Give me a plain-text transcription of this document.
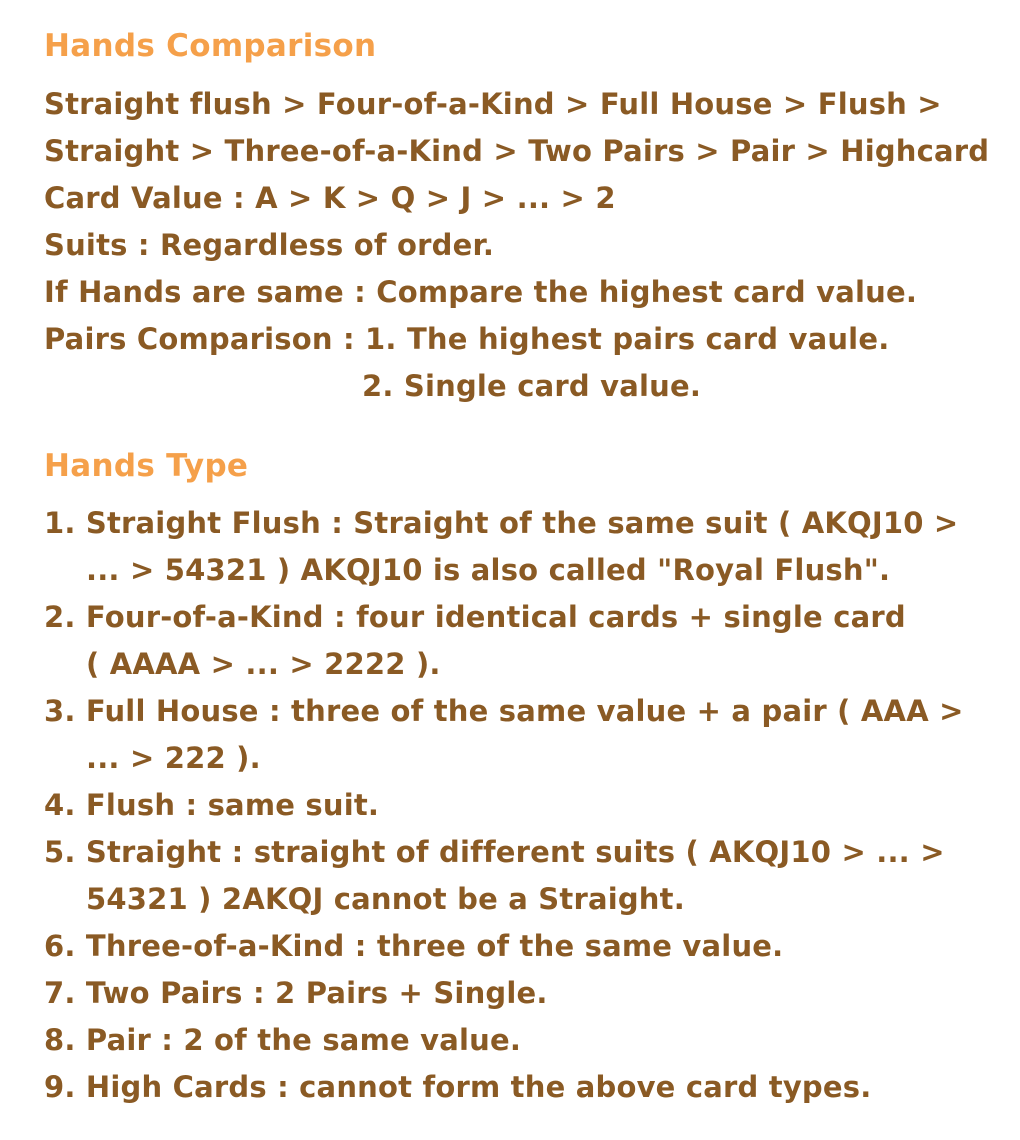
Hands Comparison

Straight flush > Four-of-a-Kind > Full House > Flush >

Straight > Three-of-a-Kind > Two Pairs > Pair > Highcard

Card Value : A > K > Q > J > ... > 2

Suits : Regardless of order.

If Hands are same : Compare the highest card value.

Pairs Comparison : 1. The highest pairs card vaule.

2. Single card value.

Hands Type

1. Straight Flush : Straight of the same suit ( AKQJ10 >

... > 54321 ) AKQJ10 is also called "Royal Flush".

2. Four-of-a-Kind : four identical cards + single card

( AAAA > ... > 2222 ).

3. Full House : three of the same value + a pair ( AAA >

... > 222 ).

4. Flush : same suit.

5. Straight : straight of different suits ( AKQJ10 > ... >

54321 ) 2AKQJ cannot be a Straight.

6. Three-of-a-Kind : three of the same value.

7. Two Pairs : 2 Pairs + Single.

8. Pair : 2 of the same value.

9. High Cards : cannot form the above card types.
